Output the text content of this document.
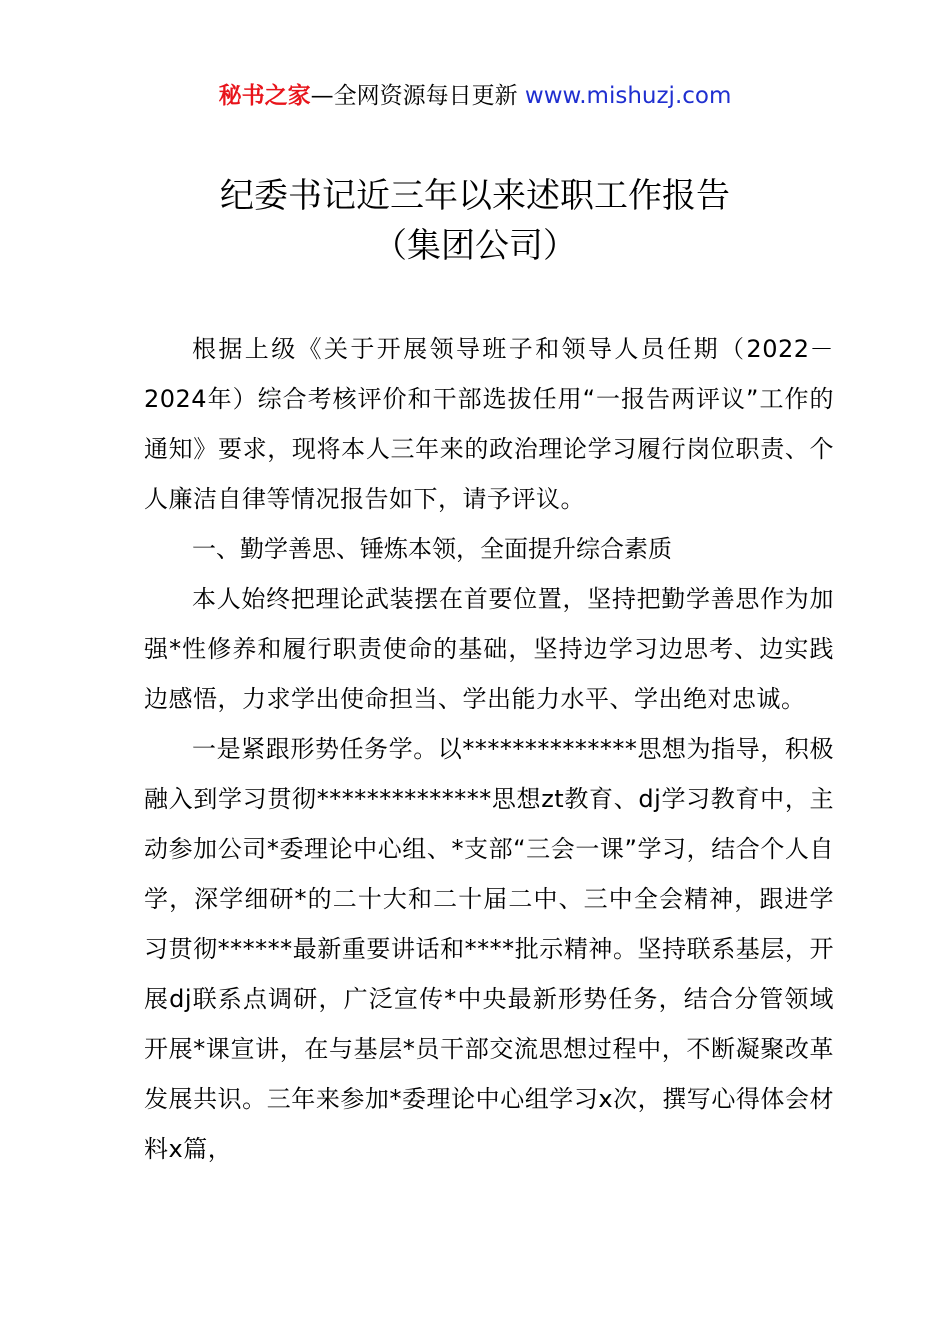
秘书之家—全网资源每日更新 www.mishuzj.com
纪委书记近三年以来述职工作报告
（集团公司）

根据上级《关于开展领导班子和领导人员任期（2022－2024年）综合考核评价和干部选拔任用“一报告两评议”工作的通知》要求，现将本人三年来的政治理论学习履行岗位职责、个人廉洁自律等情况报告如下，请予评议。

一、勤学善思、锤炼本领，全面提升综合素质

本人始终把理论武装摆在首要位置，坚持把勤学善思作为加强*性修养和履行职责使命的基础，坚持边学习边思考、边实践边感悟，力求学出使命担当、学出能力水平、学出绝对忠诚。

一是紧跟形势任务学。以**************思想为指导，积极融入到学习贯彻**************思想zt教育、dj学习教育中，主动参加公司*委理论中心组、*支部“三会一课”学习，结合个人自学，深学细研*的二十大和二十届二中、三中全会精神，跟进学习贯彻******最新重要讲话和****批示精神。坚持联系基层，开展dj联系点调研，广泛宣传*中央最新形势任务，结合分管领域开展*课宣讲，在与基层*员干部交流思想过程中，不断凝聚改革发展共识。三年来参加*委理论中心组学习x次，撰写心得体会材料x篇，
